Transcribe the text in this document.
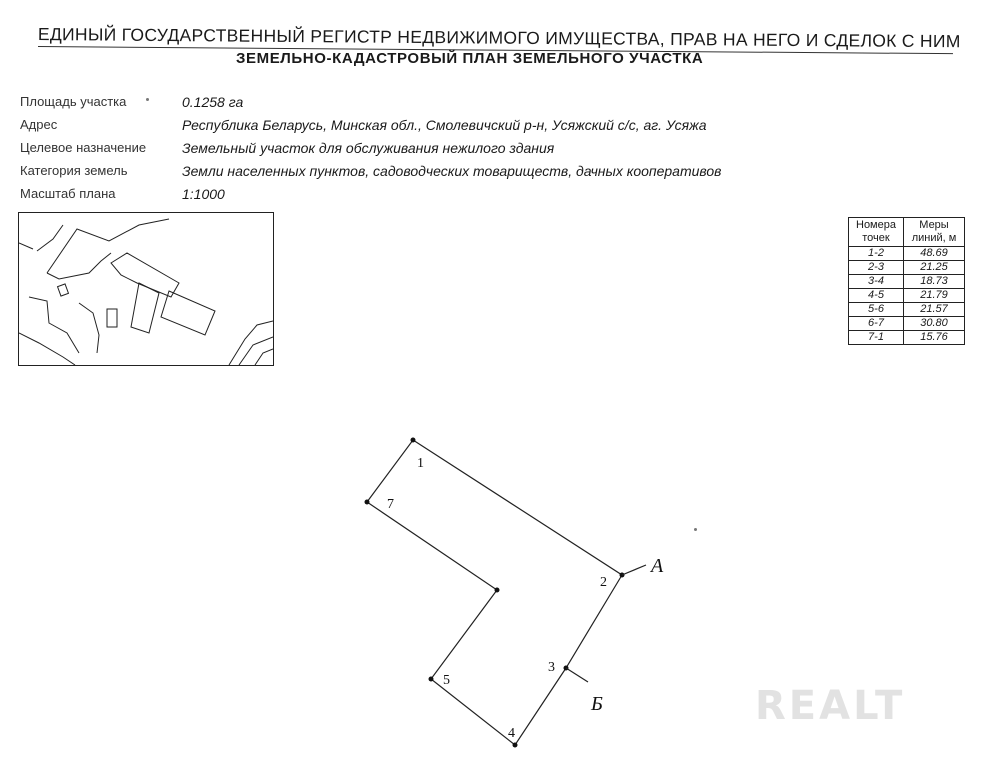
ЕДИНЫЙ ГОСУДАРСТВЕННЫЙ РЕГИСТР НЕДВИЖИМОГО ИМУЩЕСТВА, ПРАВ НА НЕГО И СДЕЛОК С НИМ
ЗЕМЕЛЬНО-КАДАСТРОВЫЙ ПЛАН ЗЕМЕЛЬНОГО УЧАСТКА
Площадь участка	0.1258 га
Адрес	Республика Беларусь, Минская обл., Смолевичский р-н, Усяжский с/с, аг. Усяжа
Целевое назначение	Земельный участок для обслуживания нежилого здания
Категория земель	Земли населенных пунктов, садоводческих товариществ, дачных кооперативов
Масштаб плана	1:1000
Номера точек	Меры линий, м
1-2	48.69
2-3	21.25
3-4	18.73
4-5	21.79
5-6	21.57
6-7	30.80
7-1	15.76
1
2
3
4
5
7
А
Б	REALT
